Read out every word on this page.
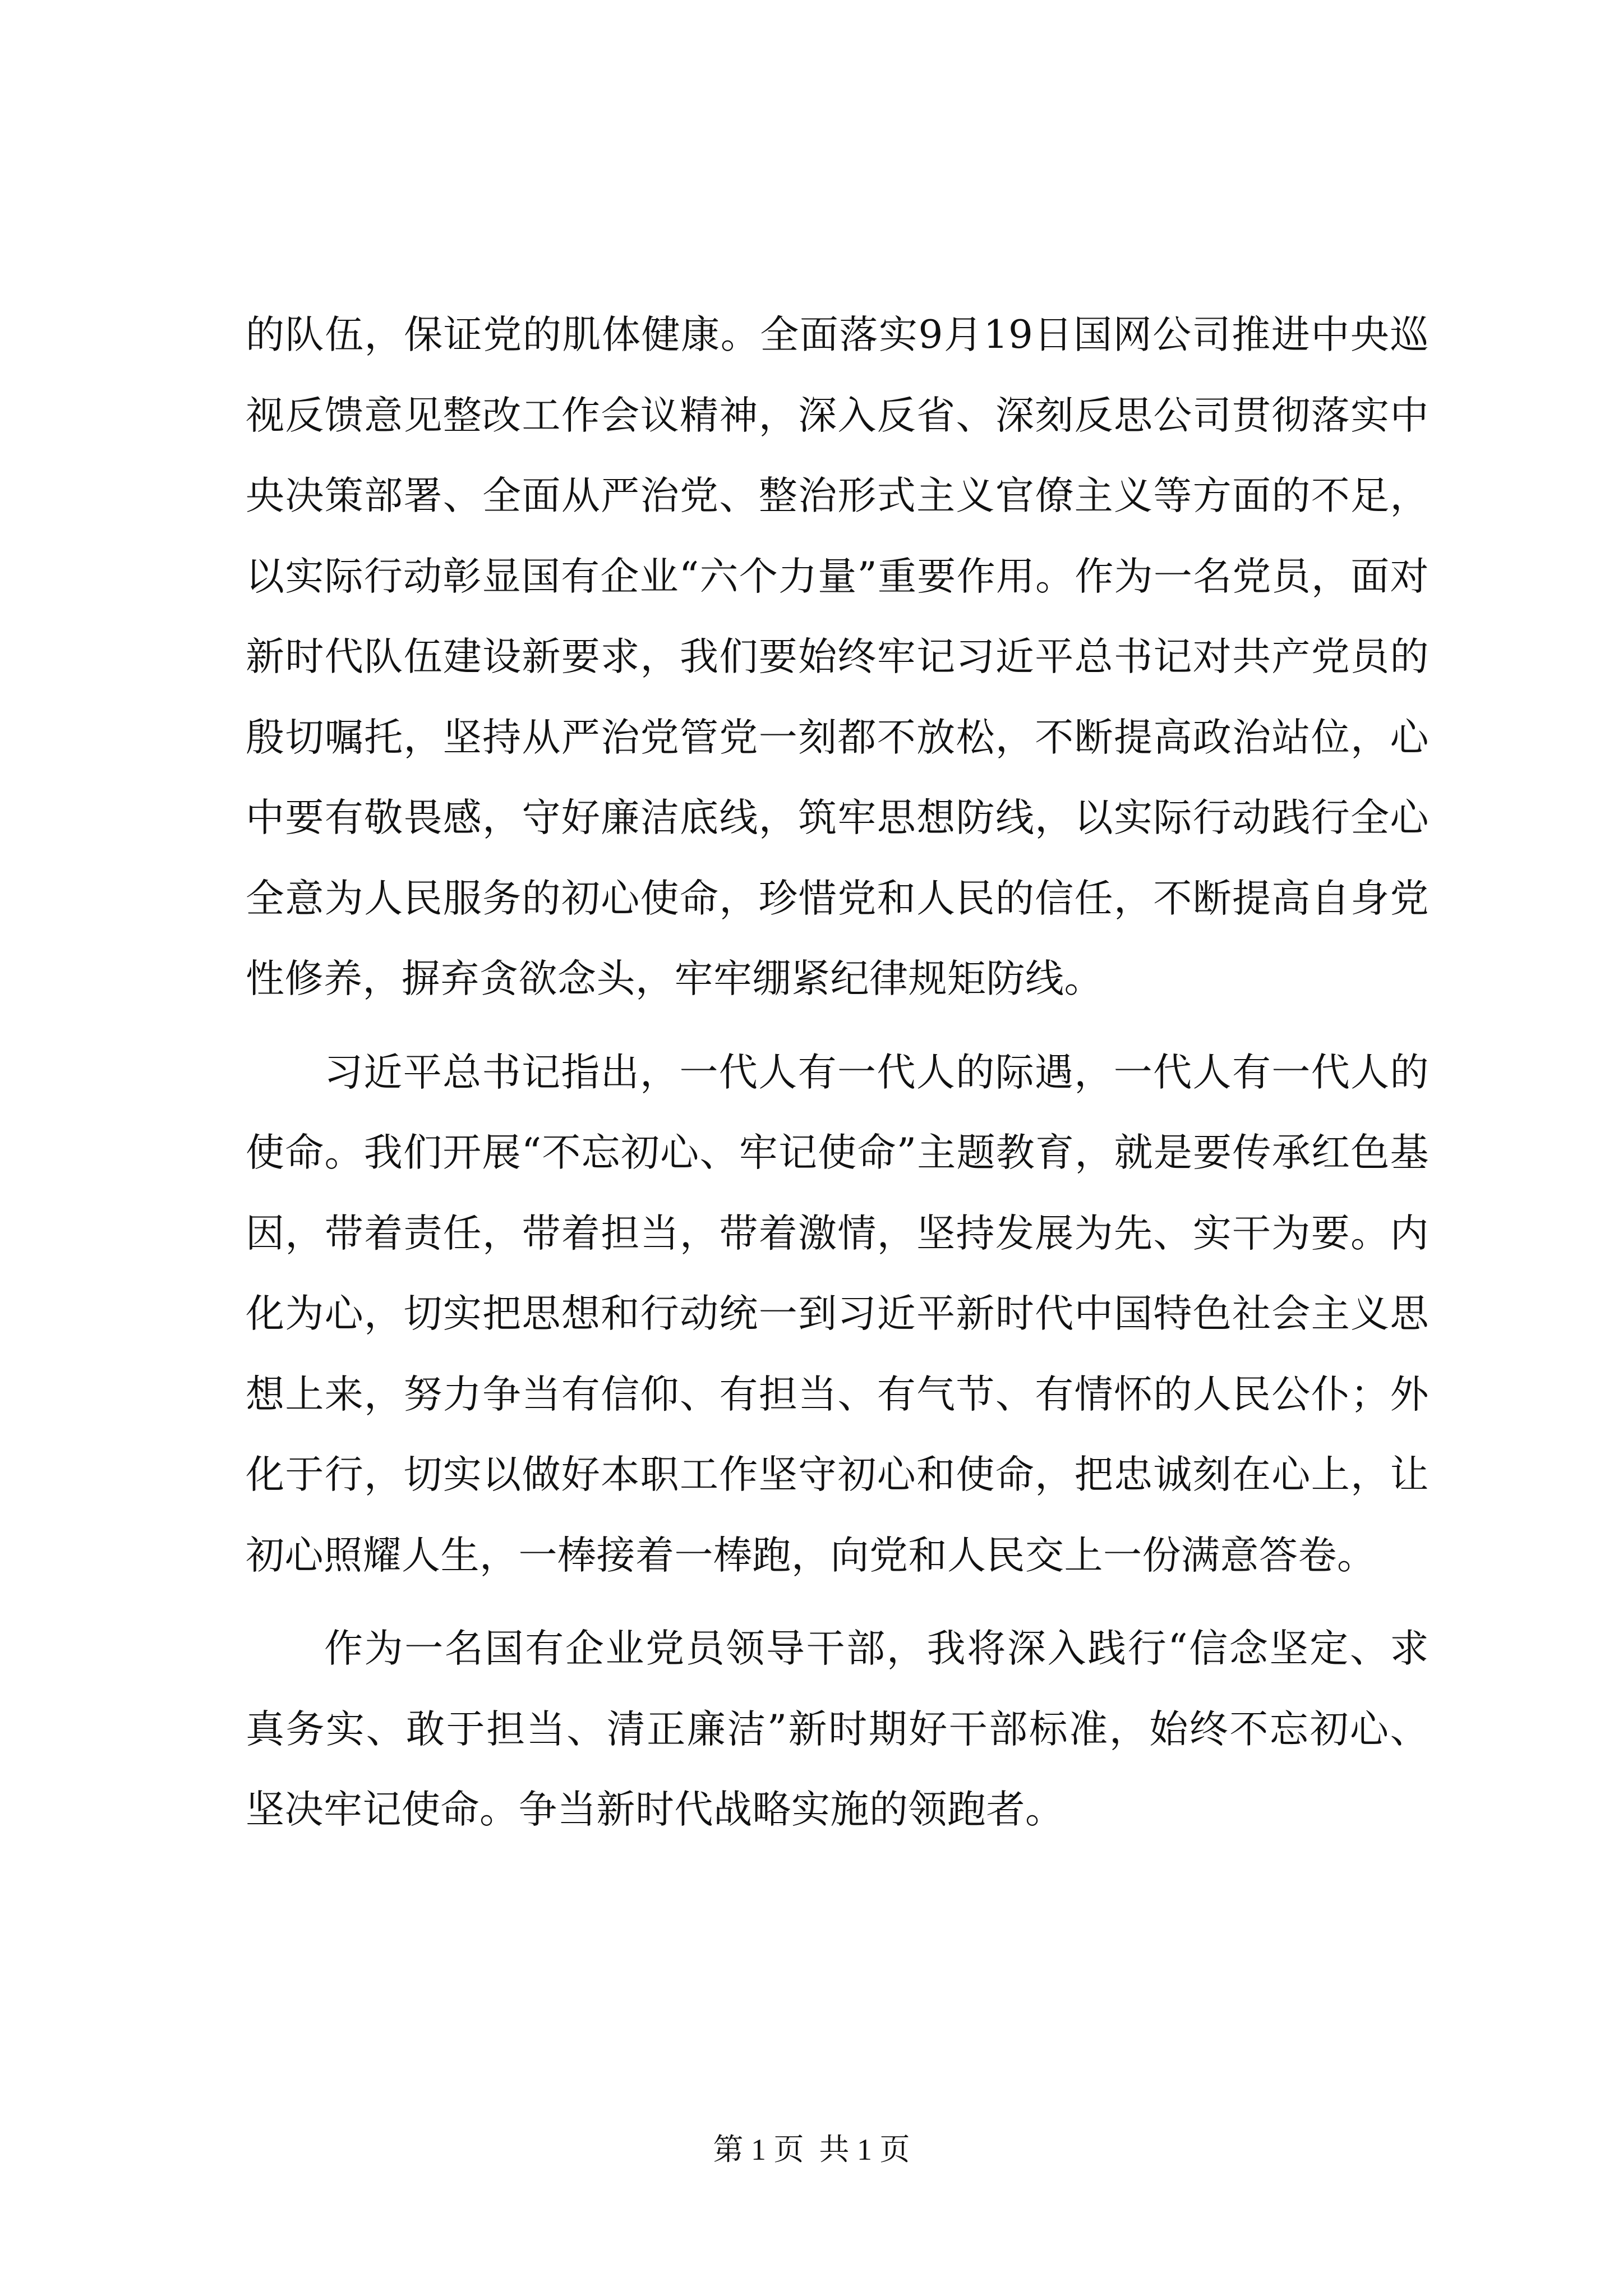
的队伍，保证党的肌体健康。全面落实9月19日国网公司推进中央巡视反馈意见整改工作会议精神，深入反省、深刻反思公司贯彻落实中央决策部署、全面从严治党、整治形式主义官僚主义等方面的不足，以实际行动彰显国有企业“六个力量”重要作用。作为一名党员，面对新时代队伍建设新要求，我们要始终牢记习近平总书记对共产党员的殷切嘱托，坚持从严治党管党一刻都不放松，不断提高政治站位，心中要有敬畏感，守好廉洁底线，筑牢思想防线，以实际行动践行全心全意为人民服务的初心使命，珍惜党和人民的信任，不断提高自身党性修养，摒弃贪欲念头，牢牢绷紧纪律规矩防线。

习近平总书记指出，一代人有一代人的际遇，一代人有一代人的使命。我们开展“不忘初心、牢记使命”主题教育，就是要传承红色基因，带着责任，带着担当，带着激情，坚持发展为先、实干为要。内化为心，切实把思想和行动统一到习近平新时代中国特色社会主义思想上来，努力争当有信仰、有担当、有气节、有情怀的人民公仆；外化于行，切实以做好本职工作坚守初心和使命，把忠诚刻在心上，让初心照耀人生，一棒接着一棒跑，向党和人民交上一份满意答卷。

作为一名国有企业党员领导干部，我将深入践行“信念坚定、求真务实、敢于担当、清正廉洁”新时期好干部标准，始终不忘初心、坚决牢记使命。争当新时代战略实施的领跑者。

第 1 页  共 1 页
